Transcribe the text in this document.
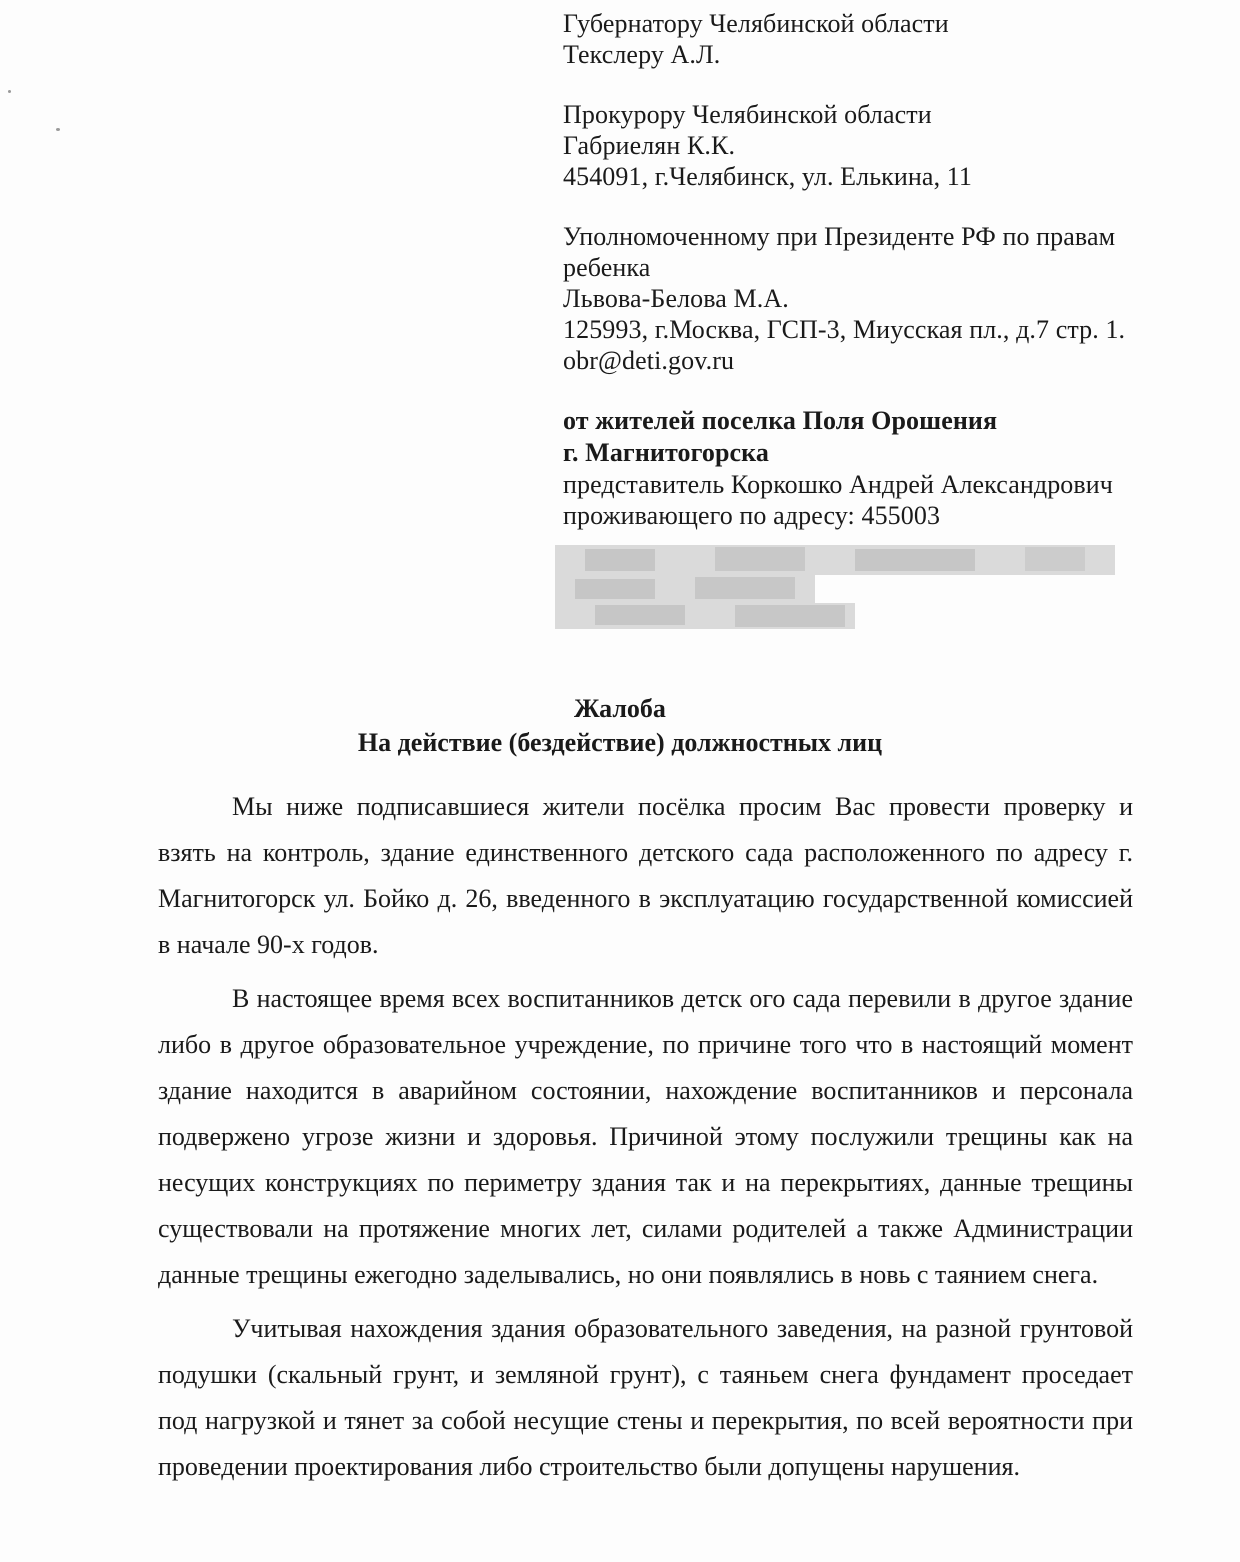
Губернатору Челябинской области
Текслеру А.Л.
Прокурору Челябинской области
Габриелян К.К.
454091, г.Челябинск, ул. Елькина, 11
Уполномоченному при Президенте РФ по правам
ребенка
Львова-Белова М.А.
125993, г.Москва, ГСП-3, Миусская пл., д.7 стр. 1.
obr@deti.gov.ru
от жителей поселка Поля Орошения
г. Магнитогорска
представитель Коркошко Андрей Александрович
проживающего по адресу: 455003
Жалоба
На действие (бездействие) должностных лиц

Мы ниже подписавшиеся жители посёлка просим Вас провести проверку и взять на контроль, здание единственного детского сада расположенного по адресу г. Магнитогорск ул. Бойко д. 26, введенного в эксплуатацию государственной комиссией в начале 90-х годов.

В настоящее время всех воспитанников детск ого сада перевили в другое здание либо в другое образовательное учреждение, по причине того что в настоящий момент здание находится в аварийном состоянии, нахождение воспитанников и персонала подвержено угрозе жизни и здоровья. Причиной этому послужили трещины как на несущих конструкциях по периметру здания так и на перекрытиях, данные трещины существовали на протяжение многих лет, силами родителей а также Администрации данные трещины ежегодно заделывались, но они появлялись в новь с таянием снега.

Учитывая нахождения здания образовательного заведения, на разной грунтовой подушки (скальный грунт, и земляной грунт), с таяньем снега фундамент проседает под нагрузкой и тянет за собой несущие стены и перекрытия, по всей вероятности при проведении проектирования либо строительство были допущены нарушения.
